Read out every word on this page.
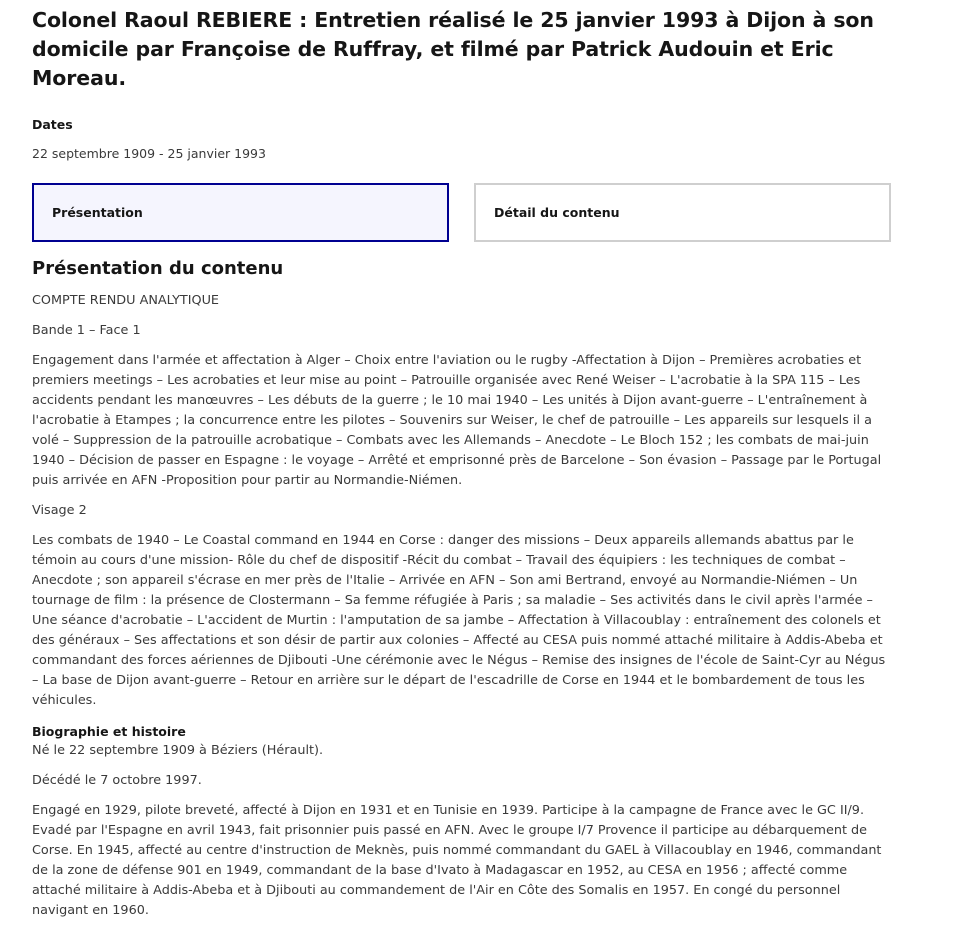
Colonel Raoul REBIERE : Entretien réalisé le 25 janvier 1993 à Dijon à son domicile par Françoise de Ruffray, et filmé par Patrick Audouin et Eric Moreau.
Dates
22 septembre 1909 - 25 janvier 1993
Présentation	Détail du contenu
Présentation du contenu

COMPTE RENDU ANALYTIQUE

Bande 1 – Face 1

Engagement dans l'armée et affectation à Alger – Choix entre l'aviation ou le rugby -Affectation à Dijon – Premières acrobaties et premiers meetings – Les acrobaties et leur mise au point – Patrouille organisée avec René Weiser – L'acrobatie à la SPA 115 – Les accidents pendant les manœuvres – Les débuts de la guerre ; le 10 mai 1940 – Les unités à Dijon avant-guerre – L'entraînement à l'acrobatie à Etampes ; la concurrence entre les pilotes – Souvenirs sur Weiser, le chef de patrouille – Les appareils sur lesquels il a volé – Suppression de la patrouille acrobatique – Combats avec les Allemands – Anecdote – Le Bloch 152 ; les combats de mai-juin 1940 – Décision de passer en Espagne : le voyage – Arrêté et emprisonné près de Barcelone – Son évasion – Passage par le Portugal puis arrivée en AFN -Proposition pour partir au Normandie-Niémen.

Visage 2

Les combats de 1940 – Le Coastal command en 1944 en Corse : danger des missions – Deux appareils allemands abattus par le témoin au cours d'une mission- Rôle du chef de dispositif -Récit du combat – Travail des équipiers : les techniques de combat – Anecdote ; son appareil s'écrase en mer près de l'Italie – Arrivée en AFN – Son ami Bertrand, envoyé au Normandie-Niémen – Un tournage de film : la présence de Clostermann – Sa femme réfugiée à Paris ; sa maladie – Ses activités dans le civil après l'armée – Une séance d'acrobatie – L'accident de Murtin : l'amputation de sa jambe – Affectation à Villacoublay : entraînement des colonels et des généraux – Ses affectations et son désir de partir aux colonies – Affecté au CESA puis nommé attaché militaire à Addis-Abeba et commandant des forces aériennes de Djibouti -Une cérémonie avec le Négus – Remise des insignes de l'école de Saint-Cyr au Négus – La base de Dijon avant-guerre – Retour en arrière sur le départ de l'escadrille de Corse en 1944 et le bombardement de tous les véhicules.

Biographie et histoire

Né le 22 septembre 1909 à Béziers (Hérault).

Décédé le 7 octobre 1997.

Engagé en 1929, pilote breveté, affecté à Dijon en 1931 et en Tunisie en 1939. Participe à la campagne de France avec le GC II/9. Evadé par l'Espagne en avril 1943, fait prisonnier puis passé en AFN. Avec le groupe I/7 Provence il participe au débarquement de Corse. En 1945, affecté au centre d'instruction de Meknès, puis nommé commandant du GAEL à Villacoublay en 1946, commandant de la zone de défense 901 en 1949, commandant de la base d'Ivato à Madagascar en 1952, au CESA en 1956 ; affecté comme attaché militaire à Addis-Abeba et à Djibouti au commandement de l'Air en Côte des Somalis en 1957. En congé du personnel navigant en 1960.
